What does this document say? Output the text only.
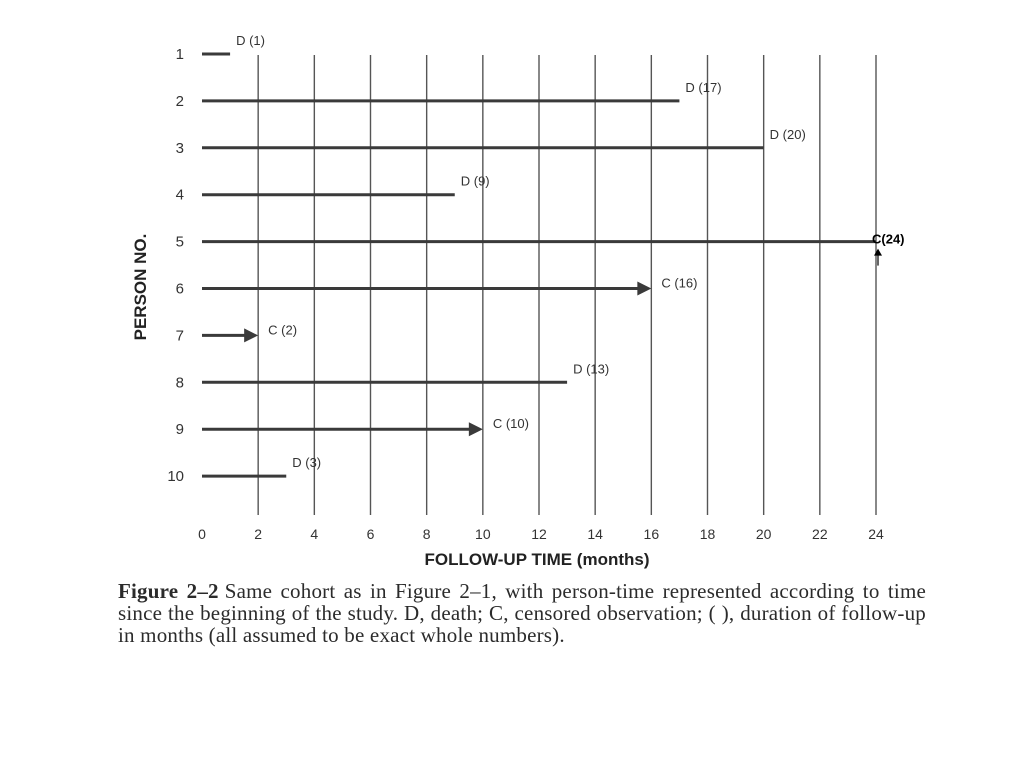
D (1)
D (17)
D (20)
D (9)
C(24)
C (16)
C (2)
D (13)
C (10)
D (3)
0	2	4	6	8	10	12	14	16	18	20	22	24
1
2
3
4
5
6
7
8
9
10
FOLLOW-UP TIME (months)
PERSON NO.
Figure 2–2 Same cohort as in Figure 2–1, with person-time represented according to time since the beginning of the study. D, death; C, censored observation; ( ), duration of follow-up in months (all assumed to be exact whole numbers).
